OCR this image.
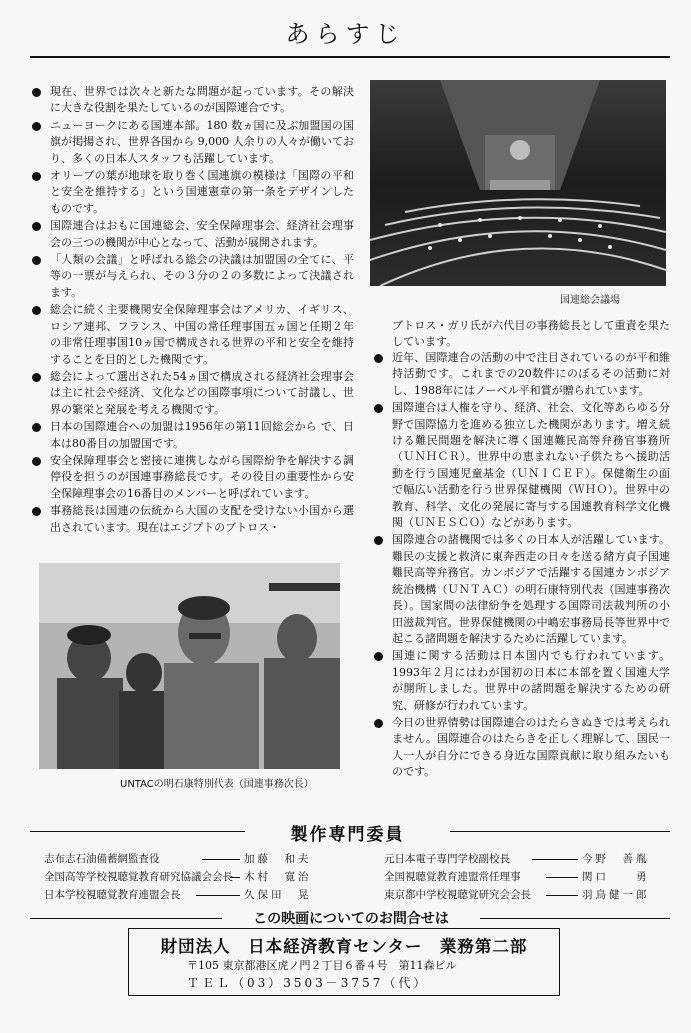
あらすじ
現在、世界では次々と新たな問題が起っています。その解決に大きな役割を果たしているのが国際連合です。
ニューヨークにある国連本部。180 数ヵ国に及ぶ加盟国の国旗が掲揚され、世界各国から 9,000 人余りの人々が働いており、多くの日本人スタッフも活躍しています。
オリーブの葉が地球を取り巻く国連旗の模様は「国際の平和と安全を維持する」という国連憲章の第一条をデザインしたものです。
国際連合はおもに国連総会、安全保障理事会、経済社会理事会の三つの機関が中心となって、活動が展開されます。
「人類の会議」と呼ばれる総会の決議は加盟国の全てに、平等の一票が与えられ、その３分の２の多数によって決議されます。
総会に続く主要機関安全保障理事会はアメリカ、イギリス、ロシア連邦、フランス、中国の常任理事国五ヵ国と任期２年の非常任理事国10ヵ国で構成される世界の平和と安全を維持することを目的とした機関です。
総会によって選出された54ヵ国で構成される経済社会理事会は主に社会や経済、文化などの国際事項について討議し、世界の繁栄と発展を考える機関です。
日本の国際連合への加盟は1956年の第11回総会から で、日本は80番目の加盟国です。
安全保障理事会と密接に連携しながら国際紛争を解決する調停役を担うのが国連事務総長です。その役目の重要性から安全保障理事会の16番目のメンバーと呼ばれています。
事務総長は国連の伝統から大国の支配を受けない小国から選出されています。現在はエジプトのブトロス・
国連総会議場
ブトロス・ガリ氏が六代目の事務総長として重責を果たしています。
近年、国際連合の活動の中で注目されているのが平和維持活動です。これまでの20数件にのぼるその活動に対し、1988年にはノーベル平和賞が贈られています。
国際連合は人権を守り、経済、社会、文化等あらゆる分野で国際協力を進める独立した機関があります。増え続ける難民問題を解決に導く国連難民高等弁務官事務所（ＵＮＨＣＲ）。世界中の恵まれない子供たちへ援助活動を行う国連児童基金（ＵＮＩＣＥＦ）。保健衛生の面で幅広い活動を行う世界保健機関（ＷＨＯ）。世界中の教育、科学、文化の発展に寄与する国連教育科学文化機関（ＵＮＥＳＣＯ）などがあります。
国際連合の諸機関では多くの日本人が活躍しています。難民の支援と救済に東奔西走の日々を送る緒方貞子国連難民高等弁務官。カンボジアで活躍する国連カンボジア統治機構（ＵＮＴＡＣ）の明石康特別代表（国連事務次長）。国家間の法律紛争を処理する国際司法裁判所の小田滋裁判官。世界保健機関の中嶋宏事務局長等世界中で起こる諸問題を解決するために活躍しています。
国連に関する活動は日本国内でも行われています。1993年２月にはわが国初の日本に本部を置く国連大学が開所しました。世界中の諸問題を解決するための研究、研修が行われています。
今日の世界情勢は国際連合のはたらきぬきでは考えられません。国際連合のはたらきを正しく理解して、国民一人一人が自分にできる身近な国際貢献に取り組みたいものです。
UNTACの明石康特別代表（国連事務次長）
製作専門委員
志布志石油備蓄網監査役	加藤　和夫
全国高等学校視聴覚教育研究協議会会長 木村　寛治
日本学校視聴覚教育連盟会長	久保田　晃
元日本電子専門学校副校長	今野　善胤
全国視聴覚教育連盟常任理事	関口　　勇
東京都中学校視聴覚研究会会長	羽鳥健一郎
この映画についてのお問合せは
財団法人　日本経済教育センター　業務第二部
〒105 東京都港区虎ノ門２丁目６番４号　第11森ビル
ＴＥＬ（03）3503－3757（代）
